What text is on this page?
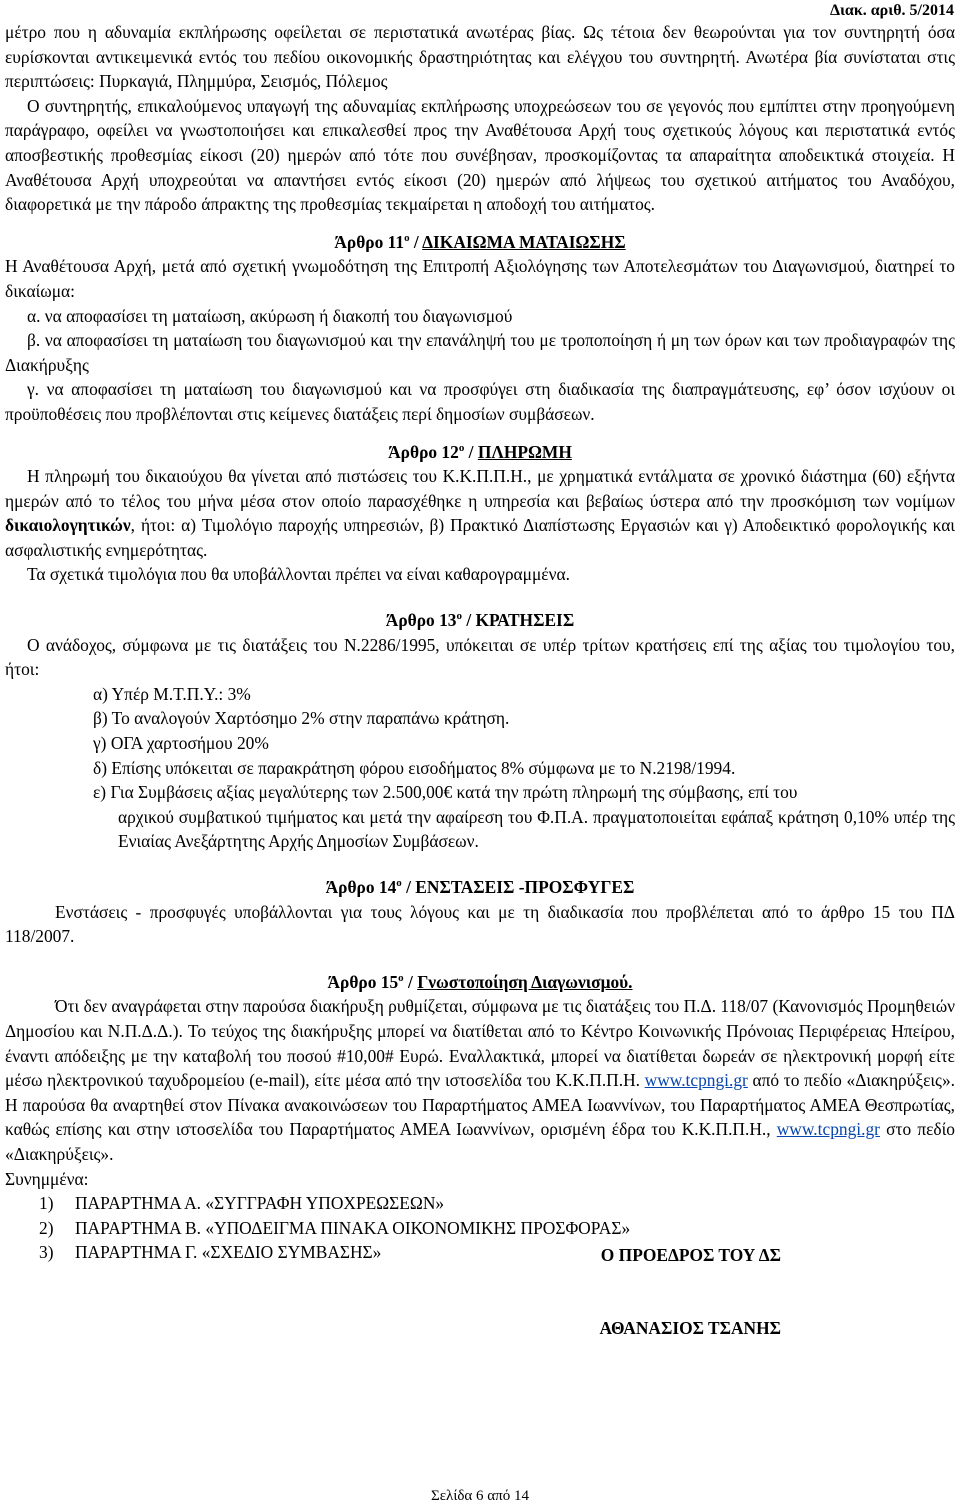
Διακ. αριθ. 5/2014

μέτρο που η αδυναμία εκπλήρωσης οφείλεται σε περιστατικά ανωτέρας βίας. Ως τέτοια δεν θεωρούνται για τον συντηρητή όσα ευρίσκονται αντικειμενικά εντός του πεδίου οικονομικής δραστηριότητας και ελέγχου του συντηρητή. Ανωτέρα βία συνίσταται στις περιπτώσεις: Πυρκαγιά, Πλημμύρα, Σεισμός, Πόλεμος

Ο συντηρητής, επικαλούμενος υπαγωγή της αδυναμίας εκπλήρωσης υποχρεώσεων του σε γεγονός που εμπίπτει στην προηγούμενη παράγραφο, οφείλει να γνωστοποιήσει και επικαλεσθεί προς την Αναθέτουσα Αρχή τους σχετικούς λόγους και περιστατικά εντός αποσβεστικής προθεσμίας είκοσι (20) ημερών από τότε που συνέβησαν, προσκομίζοντας τα απαραίτητα αποδεικτικά στοιχεία. Η Αναθέτουσα Αρχή υποχρεούται να απαντήσει εντός είκοσι (20) ημερών από λήψεως του σχετικού αιτήματος του Αναδόχου, διαφορετικά με την πάροδο άπρακτης της προθεσμίας τεκμαίρεται η αποδοχή του αιτήματος.

Άρθρο $11^o$ / ΔΙΚΑΙΩΜΑ ΜΑΤΑΙΩΣΗΣ

Η Αναθέτουσα Αρχή, μετά από σχετική γνωμοδότηση της Επιτροπή Αξιολόγησης των Αποτελεσμάτων του Διαγωνισμού, διατηρεί το δικαίωμα:

α. να αποφασίσει τη ματαίωση, ακύρωση ή διακοπή του διαγωνισμού

β. να αποφασίσει τη ματαίωση του διαγωνισμού και την επανάληψή του με τροποποίηση ή μη των όρων και των προδιαγραφών της Διακήρυξης

γ. να αποφασίσει τη ματαίωση του διαγωνισμού και να προσφύγει στη διαδικασία της διαπραγμάτευσης, εφ’ όσον ισχύουν οι προϋποθέσεις που προβλέπονται στις κείμενες διατάξεις περί δημοσίων συμβάσεων.

Άρθρο $12^o$ / ΠΛΗΡΩΜΗ

Η πληρωμή του δικαιούχου θα γίνεται από πιστώσεις του Κ.Κ.Π.Π.Η., με χρηματικά εντάλματα σε χρονικό διάστημα (60) εξήντα ημερών από το τέλος του μήνα μέσα στον οποίο παρασχέθηκε η υπηρεσία και βεβαίως ύστερα από την προσκόμιση των νομίμων δικαιολογητικών, ήτοι: α) Τιμολόγιο παροχής υπηρεσιών, β) Πρακτικό Διαπίστωσης Εργασιών και γ) Αποδεικτικό φορολογικής και ασφαλιστικής ενημερότητας.

Τα σχετικά τιμολόγια που θα υποβάλλονται πρέπει να είναι καθαρογραμμένα.

Άρθρο $13^o$ / ΚΡΑΤΗΣΕΙΣ

Ο ανάδοχος, σύμφωνα με τις διατάξεις του Ν.2286/1995, υπόκειται σε υπέρ τρίτων κρατήσεις επί της αξίας του τιμολογίου του, ήτοι:

α) Υπέρ Μ.Τ.Π.Υ.: 3%

β) Το αναλογούν Χαρτόσημο 2% στην παραπάνω κράτηση.

γ) ΟΓΑ χαρτοσήμου 20%

δ) Επίσης υπόκειται σε παρακράτηση φόρου εισοδήματος 8% σύμφωνα με το Ν.2198/1994.

ε) Για Συμβάσεις αξίας μεγαλύτερης των 2.500,00€ κατά την πρώτη πληρωμή της σύμβασης, επί του
αρχικού συμβατικού τιμήματος και μετά την αφαίρεση του Φ.Π.Α. πραγματοποιείται εφάπαξ κράτηση 0,10% υπέρ της Ενιαίας Ανεξάρτητης Αρχής Δημοσίων Συμβάσεων.

Άρθρο $14^o$ / ΕΝΣΤΑΣΕΙΣ -ΠΡΟΣΦΥΓΕΣ

Ενστάσεις - προσφυγές υποβάλλονται για τους λόγους και με τη διαδικασία που προβλέπεται από το άρθρο 15 του ΠΔ 118/2007.

Άρθρο $15^o$ / Γνωστοποίηση Διαγωνισμού.

Ότι δεν αναγράφεται στην παρούσα διακήρυξη ρυθμίζεται, σύμφωνα με τις διατάξεις του Π.Δ. 118/07 (Κανονισμός Προμηθειών Δημοσίου και Ν.Π.Δ.Δ.). Το τεύχος της διακήρυξης μπορεί να διατίθεται από το Κέντρο Κοινωνικής Πρόνοιας Περιφέρειας Ηπείρου, έναντι απόδειξης με την καταβολή του ποσού #10,00# Ευρώ. Εναλλακτικά, μπορεί να διατίθεται δωρεάν σε ηλεκτρονική μορφή είτε μέσω ηλεκτρονικού ταχυδρομείου (e-mail), είτε μέσα από την ιστοσελίδα του Κ.Κ.Π.Π.Η. www.tcpngi.gr από το πεδίο «Διακηρύξεις». Η παρούσα θα αναρτηθεί στον Πίνακα ανακοινώσεων του Παραρτήματος ΑΜΕΑ Ιωαννίνων, του Παραρτήματος ΑΜΕΑ Θεσπρωτίας, καθώς επίσης και στην ιστοσελίδα του Παραρτήματος ΑΜΕΑ Ιωαννίνων, ορισμένη έδρα του Κ.Κ.Π.Π.Η., www.tcpngi.gr στο πεδίο «Διακηρύξεις».

Συνημμένα:

1) ΠΑΡΑΡΤΗΜΑ Α. «ΣΥΓΓΡΑΦΗ ΥΠΟΧΡΕΩΣΕΩΝ»

2) ΠΑΡΑΡΤΗΜΑ Β. «ΥΠΟΔΕΙΓΜΑ ΠΙΝΑΚΑ ΟΙΚΟΝΟΜΙΚΗΣ ΠΡΟΣΦΟΡΑΣ»

3) ΠΑΡΑΡΤΗΜΑ Γ. «ΣΧΕΔΙΟ ΣΥΜΒΑΣΗΣ»	Ο ΠΡΟΕΔΡΟΣ ΤΟΥ ΔΣ

ΑΘΑΝΑΣΙΟΣ ΤΣΑΝΗΣ

Σελίδα 6 από 14
